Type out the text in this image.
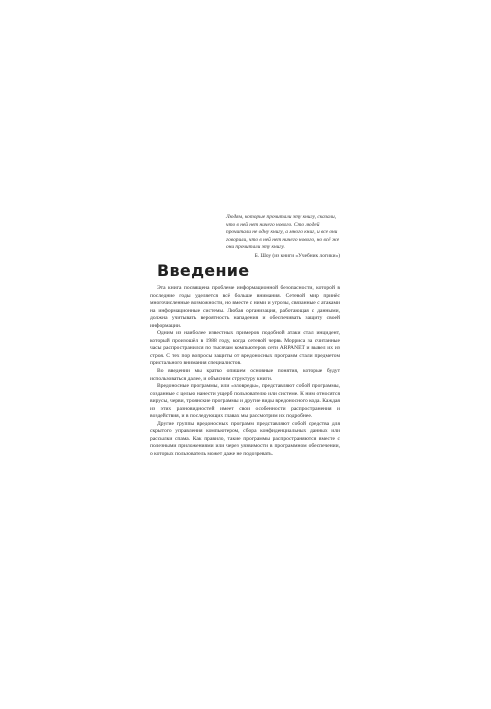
Людям, которые прочитали эту книгу, сказали, что в ней нет ничего нового. Сто людей прочитали не одну книгу, а много книг, и все они говорили, что в ней нет ничего нового, но всё же они прочитали эту книгу.
Б. Шоу (из книги «Учебник логики»)
Введение

Эта книга посвящена проблеме информационной безопасности, которой в последние годы уделяется всё больше внимания. Сетевой мир принёс многочисленные возможности, но вместе с ними и угрозы, связанные с атаками на информационные системы. Любая организация, работающая с данными, должна учитывать вероятность нападения и обеспечивать защиту своей информации.

Одним из наиболее известных примеров подобной атаки стал инцидент, который произошёл в 1988 году, когда сетевой червь Морриса за считанные часы распространился по тысячам компьютеров сети ARPANET и вывел их из строя. С тех пор вопросы защиты от вредоносных программ стали предметом пристального внимания специалистов.

Во введении мы кратко опишем основные понятия, которые будут использоваться далее, и объясним структуру книги.

Вредоносные программы, или «зловреды», представляют собой программы, созданные с целью нанести ущерб пользователю или системе. К ним относятся вирусы, черви, троянские программы и другие виды вредоносного кода. Каждая из этих разновидностей имеет свои особенности распространения и воздействия, и в последующих главах мы рассмотрим их подробнее.

Другие группы вредоносных программ представляют собой средства для скрытого управления компьютером, сбора конфиденциальных данных или рассылки спама. Как правило, такие программы распространяются вместе с полезными приложениями или через уязвимости в программном обеспечении, о которых пользователь может даже не подозревать.
